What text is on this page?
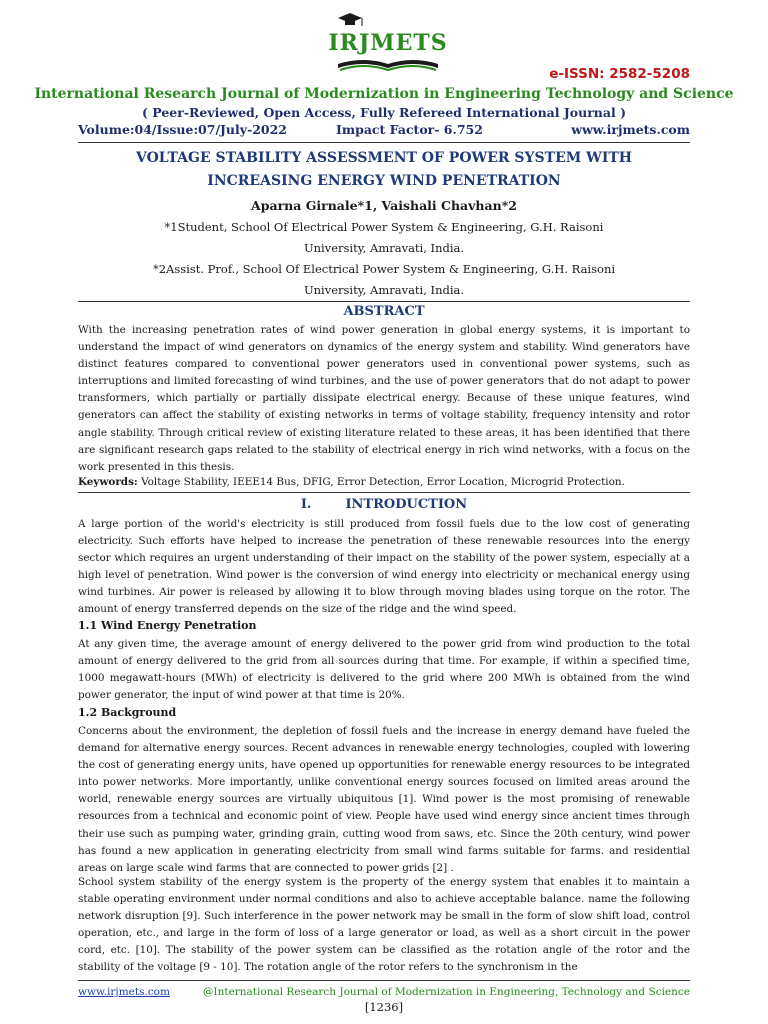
IRJMETS
e-ISSN: 2582-5208
International Research Journal of Modernization in Engineering Technology and Science
( Peer-Reviewed, Open Access, Fully Refereed International Journal )
Volume:04/Issue:07/July-2022	Impact Factor- 6.752	www.irjmets.com
VOLTAGE STABILITY ASSESSMENT OF POWER SYSTEM WITH
INCREASING ENERGY WIND PENETRATION
Aparna Girnale*1, Vaishali Chavhan*2
*1Student, School Of Electrical Power System & Engineering, G.H. Raisoni
University, Amravati, India.
*2Assist. Prof., School Of Electrical Power System & Engineering, G.H. Raisoni
University, Amravati, India.
ABSTRACT

With the increasing penetration rates of wind power generation in global energy systems, it is important to understand the impact of wind generators on dynamics of the energy system and stability. Wind generators have distinct features compared to conventional power generators used in conventional power systems, such as interruptions and limited forecasting of wind turbines, and the use of power generators that do not adapt to power transformers, which partially or partially dissipate electrical energy. Because of these unique features, wind generators can affect the stability of existing networks in terms of voltage stability, frequency intensity and rotor angle stability. Through critical review of existing literature related to these areas, it has been identified that there are significant research gaps related to the stability of electrical energy in rich wind networks, with a focus on the work presented in this thesis.

Keywords: Voltage Stability, IEEE14 Bus, DFIG, Error Detection, Error Location, Microgrid Protection.
I.	INTRODUCTION

A large portion of the world's electricity is still produced from fossil fuels due to the low cost of generating electricity. Such efforts have helped to increase the penetration of these renewable resources into the energy sector which requires an urgent understanding of their impact on the stability of the power system, especially at a high level of penetration. Wind power is the conversion of wind energy into electricity or mechanical energy using wind turbines. Air power is released by allowing it to blow through moving blades using torque on the rotor. The amount of energy transferred depends on the size of the ridge and the wind speed.

1.1 Wind Energy Penetration

At any given time, the average amount of energy delivered to the power grid from wind production to the total amount of energy delivered to the grid from all sources during that time. For example, if within a specified time, 1000 megawatt-hours (MWh) of electricity is delivered to the grid where 200 MWh is obtained from the wind power generator, the input of wind power at that time is 20%.

1.2 Background

Concerns about the environment, the depletion of fossil fuels and the increase in energy demand have fueled the demand for alternative energy sources. Recent advances in renewable energy technologies, coupled with lowering the cost of generating energy units, have opened up opportunities for renewable energy resources to be integrated into power networks. More importantly, unlike conventional energy sources focused on limited areas around the world, renewable energy sources are virtually ubiquitous [1]. Wind power is the most promising of renewable resources from a technical and economic point of view. People have used wind energy since ancient times through their use such as pumping water, grinding grain, cutting wood from saws, etc. Since the 20th century, wind power has found a new application in generating electricity from small wind farms suitable for farms. and residential areas on large scale wind farms that are connected to power grids [2] .

School system stability of the energy system is the property of the energy system that enables it to maintain a stable operating environment under normal conditions and also to achieve acceptable balance. name the following network disruption [9]. Such interference in the power network may be small in the form of slow shift load, control operation, etc., and large in the form of loss of a large generator or load, as well as a short circuit in the power cord, etc. [10]. The stability of the power system can be classified as the rotation angle of the rotor and the stability of the voltage [9 - 10]. The rotation angle of the rotor refers to the synchronism in the

www.irjmets.com	@International Research Journal of Modernization in Engineering, Technology and Science
[1236]
